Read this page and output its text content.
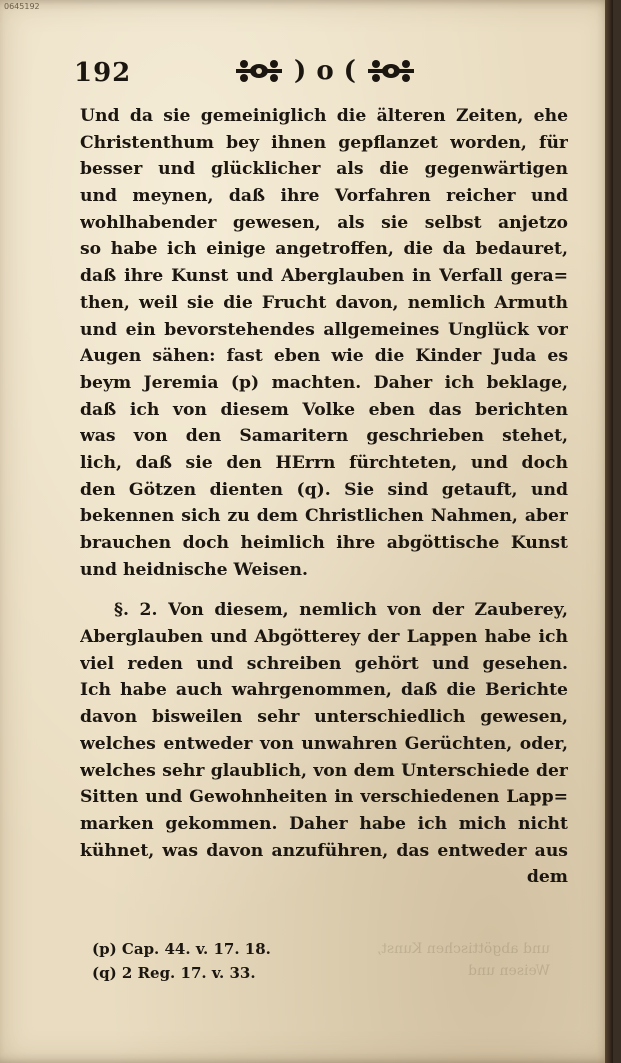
0645192
192	) o (
Und da sie gemeiniglich die älteren Zeiten, ehe
Christenthum bey ihnen gepflanzet worden, für
besser und glücklicher als die gegenwärtigen
und meynen, daß ihre Vorfahren reicher und
wohlhabender gewesen, als sie selbst anjetzo
so habe ich einige angetroffen, die da bedauret,
daß ihre Kunst und Aberglauben in Verfall gera=
then, weil sie die Frucht davon, nemlich Armuth
und ein bevorstehendes allgemeines Unglück vor
Augen sähen: fast eben wie die Kinder Juda es
beym Jeremia (p) machten. Daher ich beklage,
daß ich von diesem Volke eben das berichten
was von den Samaritern geschrieben stehet,
lich, daß sie den HErrn fürchteten, und doch
den Götzen dienten (q). Sie sind getauft, und
bekennen sich zu dem Christlichen Nahmen, aber
brauchen doch heimlich ihre abgöttische Kunst
und heidnische Weisen.
§. 2. Von diesem, nemlich von der Zauberey,
Aberglauben und Abgötterey der Lappen habe ich
viel reden und schreiben gehört und gesehen.
Ich habe auch wahrgenommen, daß die Berichte
davon bisweilen sehr unterschiedlich gewesen,
welches entweder von unwahren Gerüchten, oder,
welches sehr glaublich, von dem Unterschiede der
Sitten und Gewohnheiten in verschiedenen Lapp=
marken gekommen. Daher habe ich mich nicht
kühnet, was davon anzuführen, das entweder aus
dem
und abgöttischen Kunst,
Weisen und
(p) Cap. 44. v. 17. 18.
(q) 2 Reg. 17. v. 33.
